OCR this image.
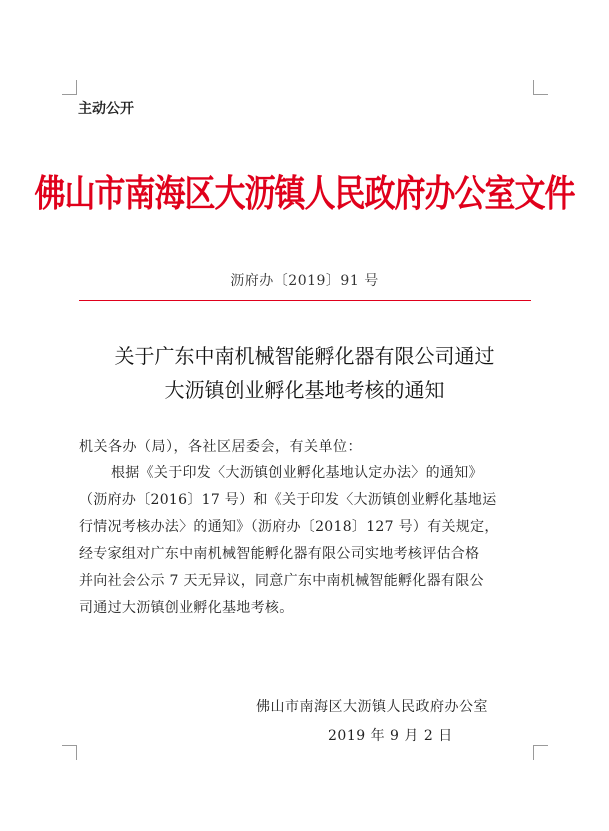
主动公开
佛山市南海区大沥镇人民政府办公室文件
沥府办〔2019〕91 号
关于广东中南机械智能孵化器有限公司通过
大沥镇创业孵化基地考核的通知
机关各办（局），各社区居委会，有关单位：
根据《关于印发〈大沥镇创业孵化基地认定办法〉的通知》
（沥府办〔2016〕17 号）和《关于印发〈大沥镇创业孵化基地运
行情况考核办法〉的通知》（沥府办〔2018〕127 号）有关规定，
经专家组对广东中南机械智能孵化器有限公司实地考核评估合格
并向社会公示 7 天无异议，同意广东中南机械智能孵化器有限公
司通过大沥镇创业孵化基地考核。
佛山市南海区大沥镇人民政府办公室
2019 年 9 月 2 日
